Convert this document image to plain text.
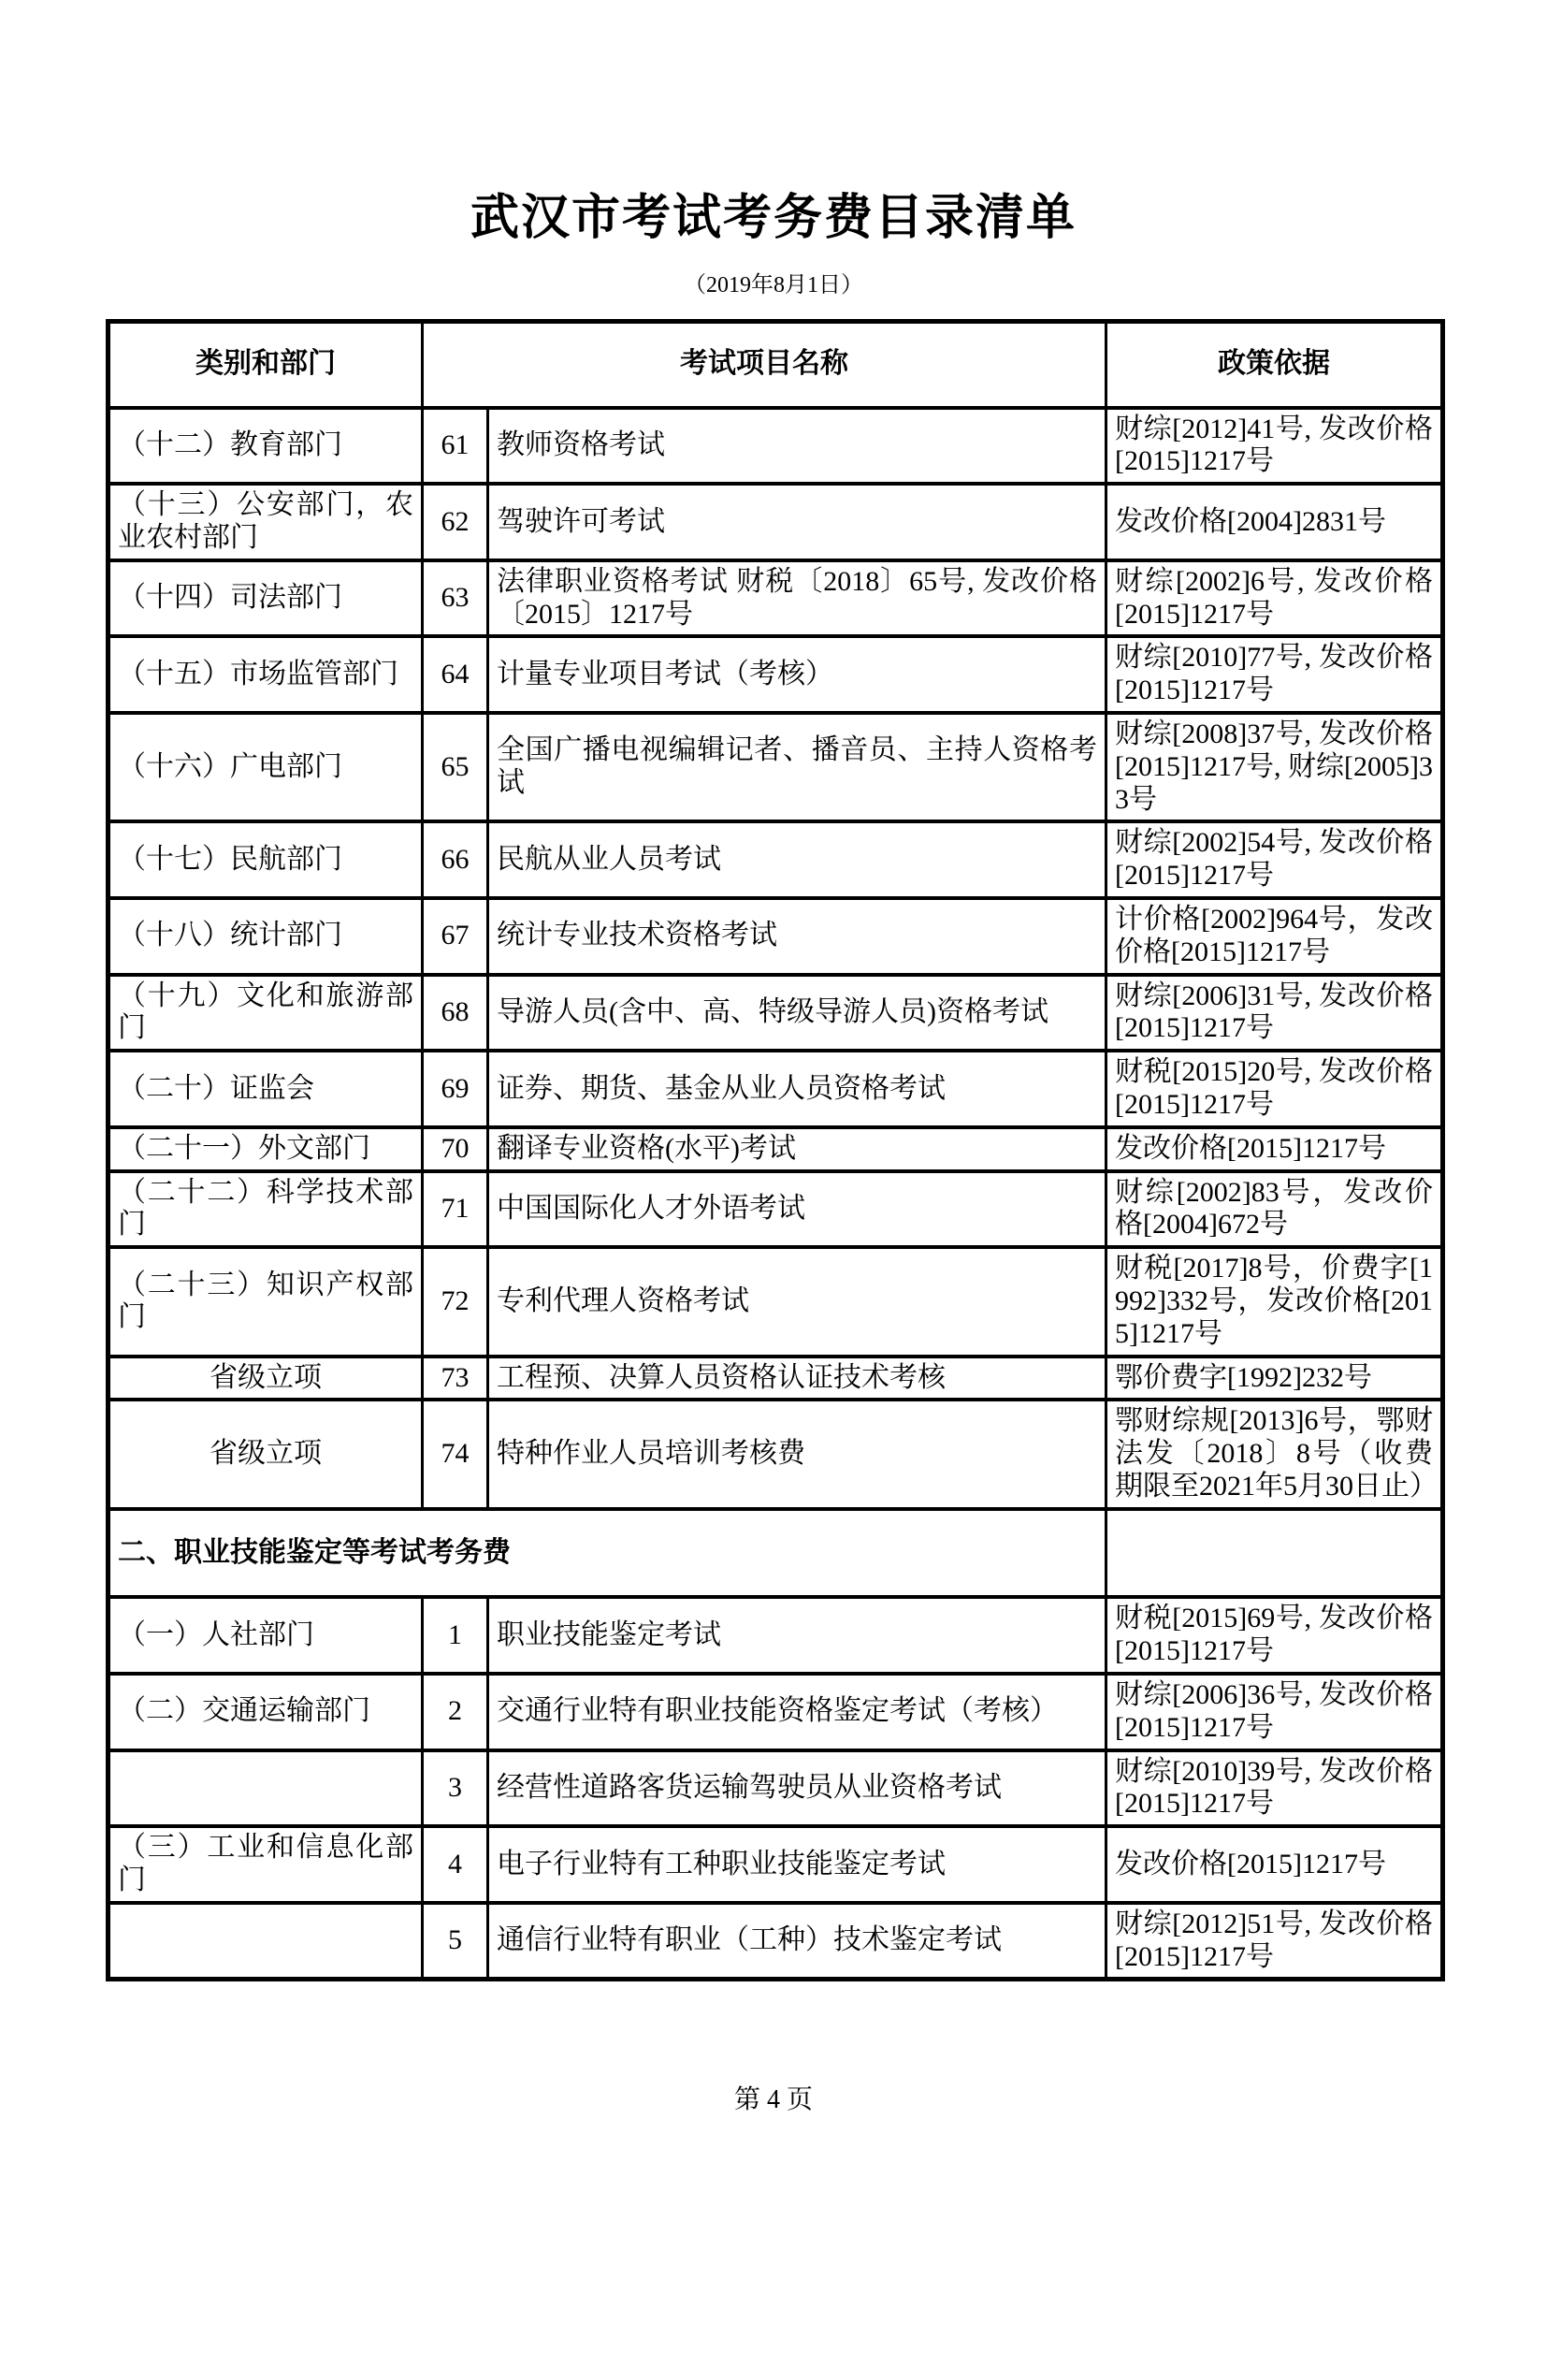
武汉市考试考务费目录清单
（2019年8月1日）
类别和部门	考试项目名称		政策依据
（十二）教育部门	61	教师资格考试	财综[2012]41号, 发改价格[2015]1217号
（十三）公安部门，农业农村部门	62	驾驶许可考试	发改价格[2004]2831号
（十四）司法部门	63	法律职业资格考试 财税〔2018〕65号, 发改价格〔2015〕1217号	财综[2002]6号, 发改价格[2015]1217号
（十五）市场监管部门	64	计量专业项目考试（考核）	财综[2010]77号, 发改价格[2015]1217号
（十六）广电部门	65	全国广播电视编辑记者、播音员、主持人资格考试	财综[2008]37号, 发改价格[2015]1217号, 财综[2005]33号
（十七）民航部门	66	民航从业人员考试	财综[2002]54号, 发改价格[2015]1217号
（十八）统计部门	67	统计专业技术资格考试	计价格[2002]964号，发改价格[2015]1217号
（十九）文化和旅游部门	68	导游人员(含中、高、特级导游人员)资格考试	财综[2006]31号, 发改价格[2015]1217号
（二十）证监会	69	证券、期货、基金从业人员资格考试	财税[2015]20号, 发改价格[2015]1217号
（二十一）外文部门	70	翻译专业资格(水平)考试	发改价格[2015]1217号
（二十二）科学技术部门	71	中国国际化人才外语考试	财综[2002]83号，发改价格[2004]672号
（二十三）知识产权部门	72	专利代理人资格考试	财税[2017]8号，价费字[1992]332号，发改价格[2015]1217号
省级立项	73	工程预、决算人员资格认证技术考核	鄂价费字[1992]232号
省级立项	74	特种作业人员培训考核费	鄂财综规[2013]6号，鄂财法发〔2018〕8号（收费期限至2021年5月30日止）
二、职业技能鉴定等考试考务费			
（一）人社部门	1	职业技能鉴定考试	财税[2015]69号, 发改价格[2015]1217号
（二）交通运输部门	2	交通行业特有职业技能资格鉴定考试（考核）	财综[2006]36号, 发改价格[2015]1217号
	3	经营性道路客货运输驾驶员从业资格考试	财综[2010]39号, 发改价格[2015]1217号
（三）工业和信息化部门	4	电子行业特有工种职业技能鉴定考试	发改价格[2015]1217号
	5	通信行业特有职业（工种）技术鉴定考试	财综[2012]51号, 发改价格[2015]1217号
第 4 页
